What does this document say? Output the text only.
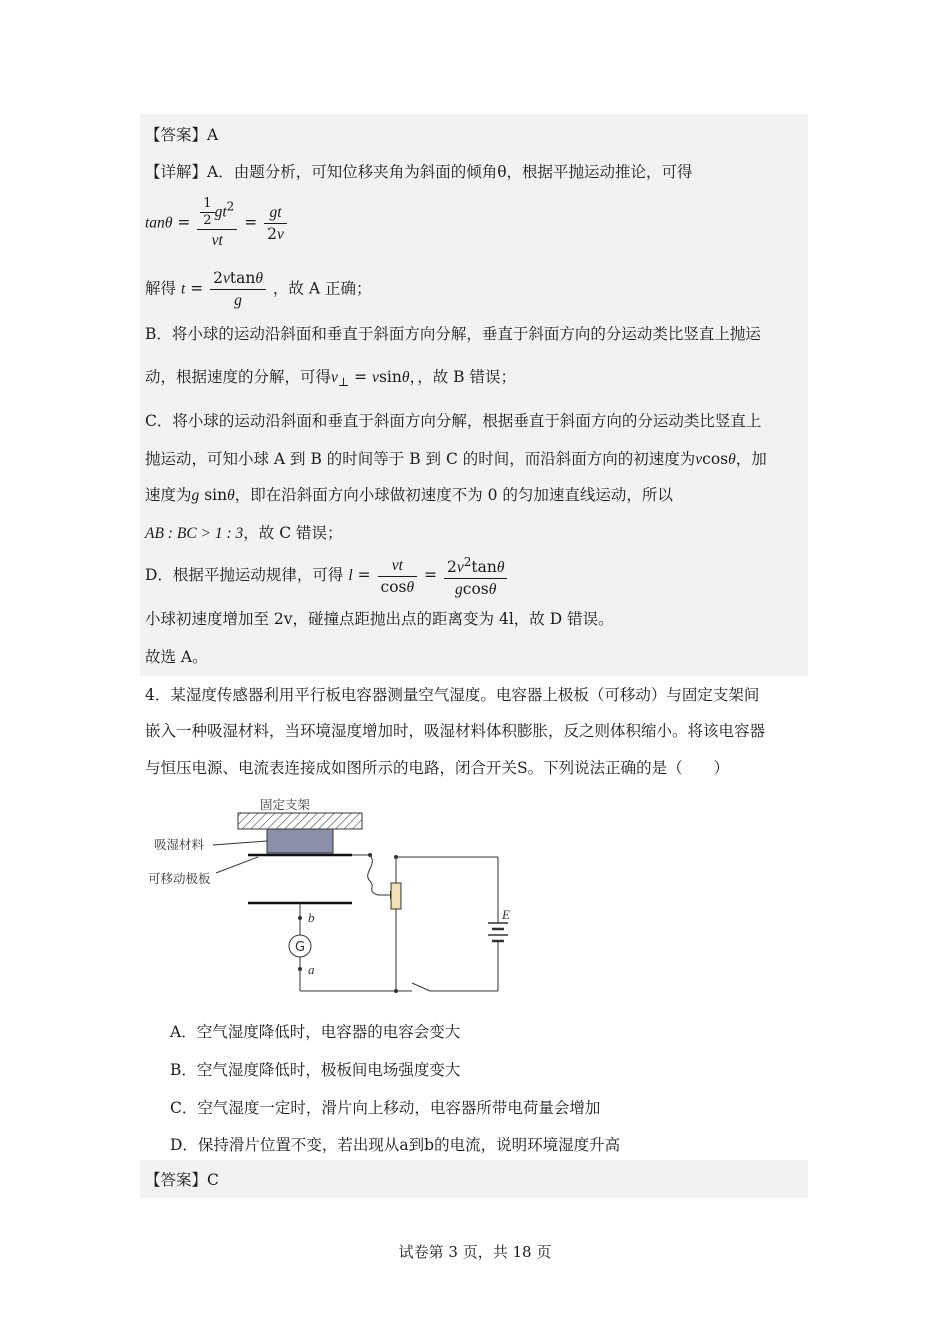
【答案】A
【详解】A．由题分析，可知位移夹角为斜面的倾角θ，根据平抛运动推论，可得
$\tan\theta = \frac{\frac{1}{2} gt^2}{vt} = \frac{gt}{2v}$
解得 $t = \frac{2vtan\theta}{g}$ ，故 A 正确；
B．将小球的运动沿斜面和垂直于斜面方向分解，垂直于斜面方向的分运动类比竖直上抛运
动，根据速度的分解，可得$v_\perp = vsin\theta$，，故 B 错误；
C．将小球的运动沿斜面和垂直于斜面方向分解，根据垂直于斜面方向的分运动类比竖直上
抛运动，可知小球 A 到 B 的时间等于 B 到 C 的时间，而沿斜面方向的初速度为vcosθ，加
速度为g sinθ，即在沿斜面方向小球做初速度不为 0 的匀加速直线运动，所以
AB : BC > 1 : 3，故 C 错误；
D．根据平抛运动规律，可得 $l = \frac{vt}{\cos\theta} = \frac{2v^2\tan\theta}{gcos\theta}$
小球初速度增加至 2v，碰撞点距抛出点的距离变为 4l，故 D 错误。
故选 A。
4．某湿度传感器利用平行板电容器测量空气湿度。电容器上极板（可移动）与固定支架间
嵌入一种吸湿材料，当环境湿度增加时，吸湿材料体积膨胀，反之则体积缩小。将该电容器
与恒压电源、电流表连接成如图所示的电路，闭合开关S。下列说法正确的是（　　）
固定支架
吸湿材料
可移动极板
E
b
G
a
A．空气湿度降低时，电容器的电容会变大
B．空气湿度降低时，极板间电场强度变大
C．空气湿度一定时，滑片向上移动，电容器所带电荷量会增加
D．保持滑片位置不变，若出现从a到b的电流，说明环境湿度升高
【答案】C
试卷第 3 页，共 18 页
